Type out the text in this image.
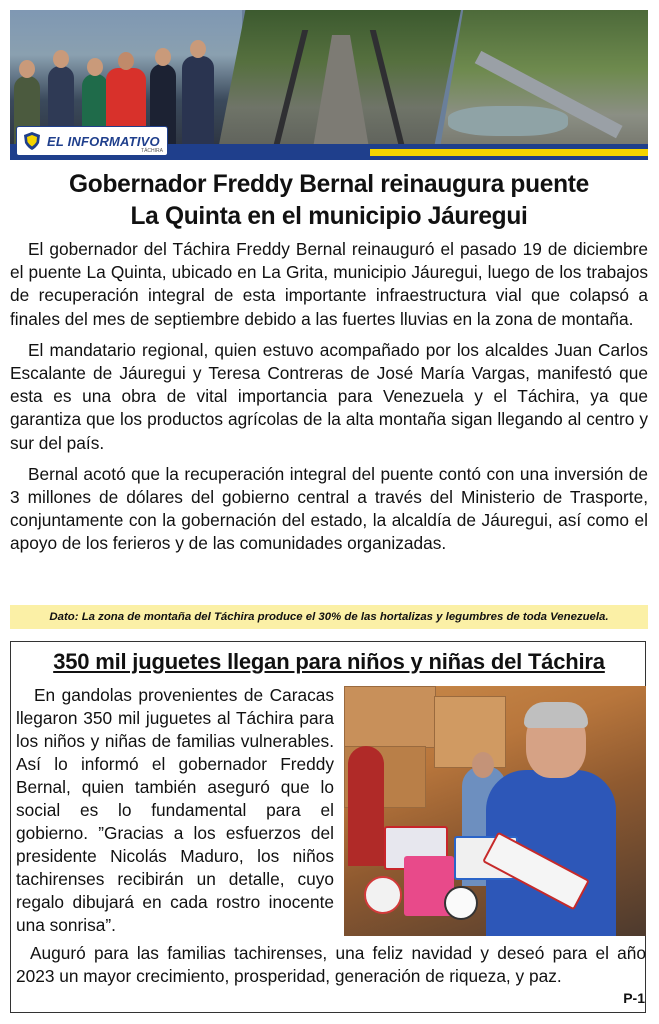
EL INFORMATIVO
TÁCHIRA
Gobernador Freddy Bernal reinaugura puente
La Quinta en el municipio Jáuregui

El gobernador del Táchira Freddy Bernal reinauguró el pasado 19 de diciembre el puente La Quinta, ubicado en La Grita, municipio Jáuregui, luego de los trabajos de recuperación integral de esta importante infraestructura vial que colapsó a finales del mes de septiembre debido a las fuertes lluvias en la zona de montaña.

El mandatario regional, quien estuvo acompañado por los alcaldes Juan Carlos Escalante de Jáuregui y Teresa Contreras de José María Vargas, manifestó que esta es una obra de vital importancia para Venezuela y el Táchira, ya que garantiza que los productos agrícolas de la alta montaña sigan llegando al centro y sur del país.

Bernal acotó que la recuperación integral del puente contó con una inversión de 3 millones de dólares del gobierno central a través del Ministerio de Trasporte, conjuntamente con la gobernación del estado, la alcaldía de Jáuregui, así como el apoyo de los ferieros y de las comunidades organizadas.

Dato: La zona de montaña del Táchira produce el 30% de las hortalizas y legumbres de toda Venezuela.
350 mil juguetes llegan para niños y niñas del Táchira

En gandolas provenientes de Caracas llegaron 350 mil juguetes al Táchira para los niños y niñas de familias vulnerables. Así lo informó el gobernador Freddy Bernal, quien también aseguró que lo social es lo fundamental para el gobierno. ”Gracias a los esfuerzos del presidente Nicolás Maduro, los niños tachirenses recibirán un detalle, cuyo regalo dibujará en cada rostro inocente una sonrisa”.

Auguró para las familias tachirenses, una feliz navidad y deseó para el año 2023 un mayor crecimiento, prosperidad, generación de riqueza, y paz.

P-1
